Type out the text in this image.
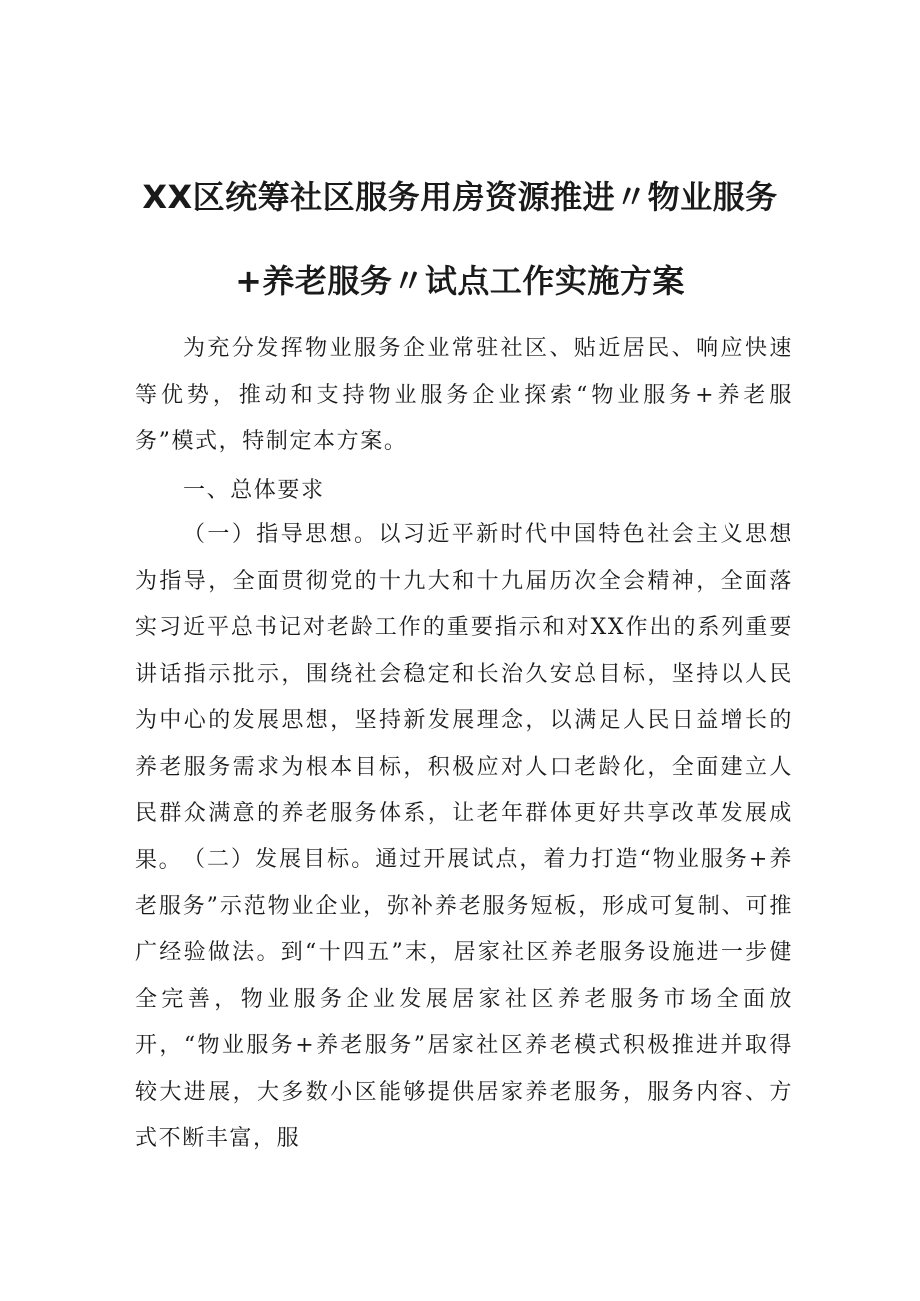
XX区统筹社区服务用房资源推进〃物业服务
+养老服务〃试点工作实施方案

为充分发挥物业服务企业常驻社区、贴近居民、响应快速等优势，推动和支持物业服务企业探索“物业服务+养老服务”模式，特制定本方案。

一、总体要求

（一）指导思想。以习近平新时代中国特色社会主义思想为指导，全面贯彻党的十九大和十九届历次全会精神，全面落实习近平总书记对老龄工作的重要指示和对XX作出的系列重要讲话指示批示，围绕社会稳定和长治久安总目标，坚持以人民为中心的发展思想，坚持新发展理念，以满足人民日益增长的养老服务需求为根本目标，积极应对人口老龄化，全面建立人民群众满意的养老服务体系，让老年群体更好共享改革发展成果。 （二）发展目标。通过开展试点，着力打造“物业服务+养老服务”示范物业企业，弥补养老服务短板，形成可复制、可推广经验做法。到“十四五”末，居家社区养老服务设施进一步健全完善，物业服务企业发展居家社区养老服务市场全面放开，“物业服务+养老服务”居家社区养老模式积极推进并取得较大进展，大多数小区能够提供居家养老服务，服务内容、方式不断丰富，服
